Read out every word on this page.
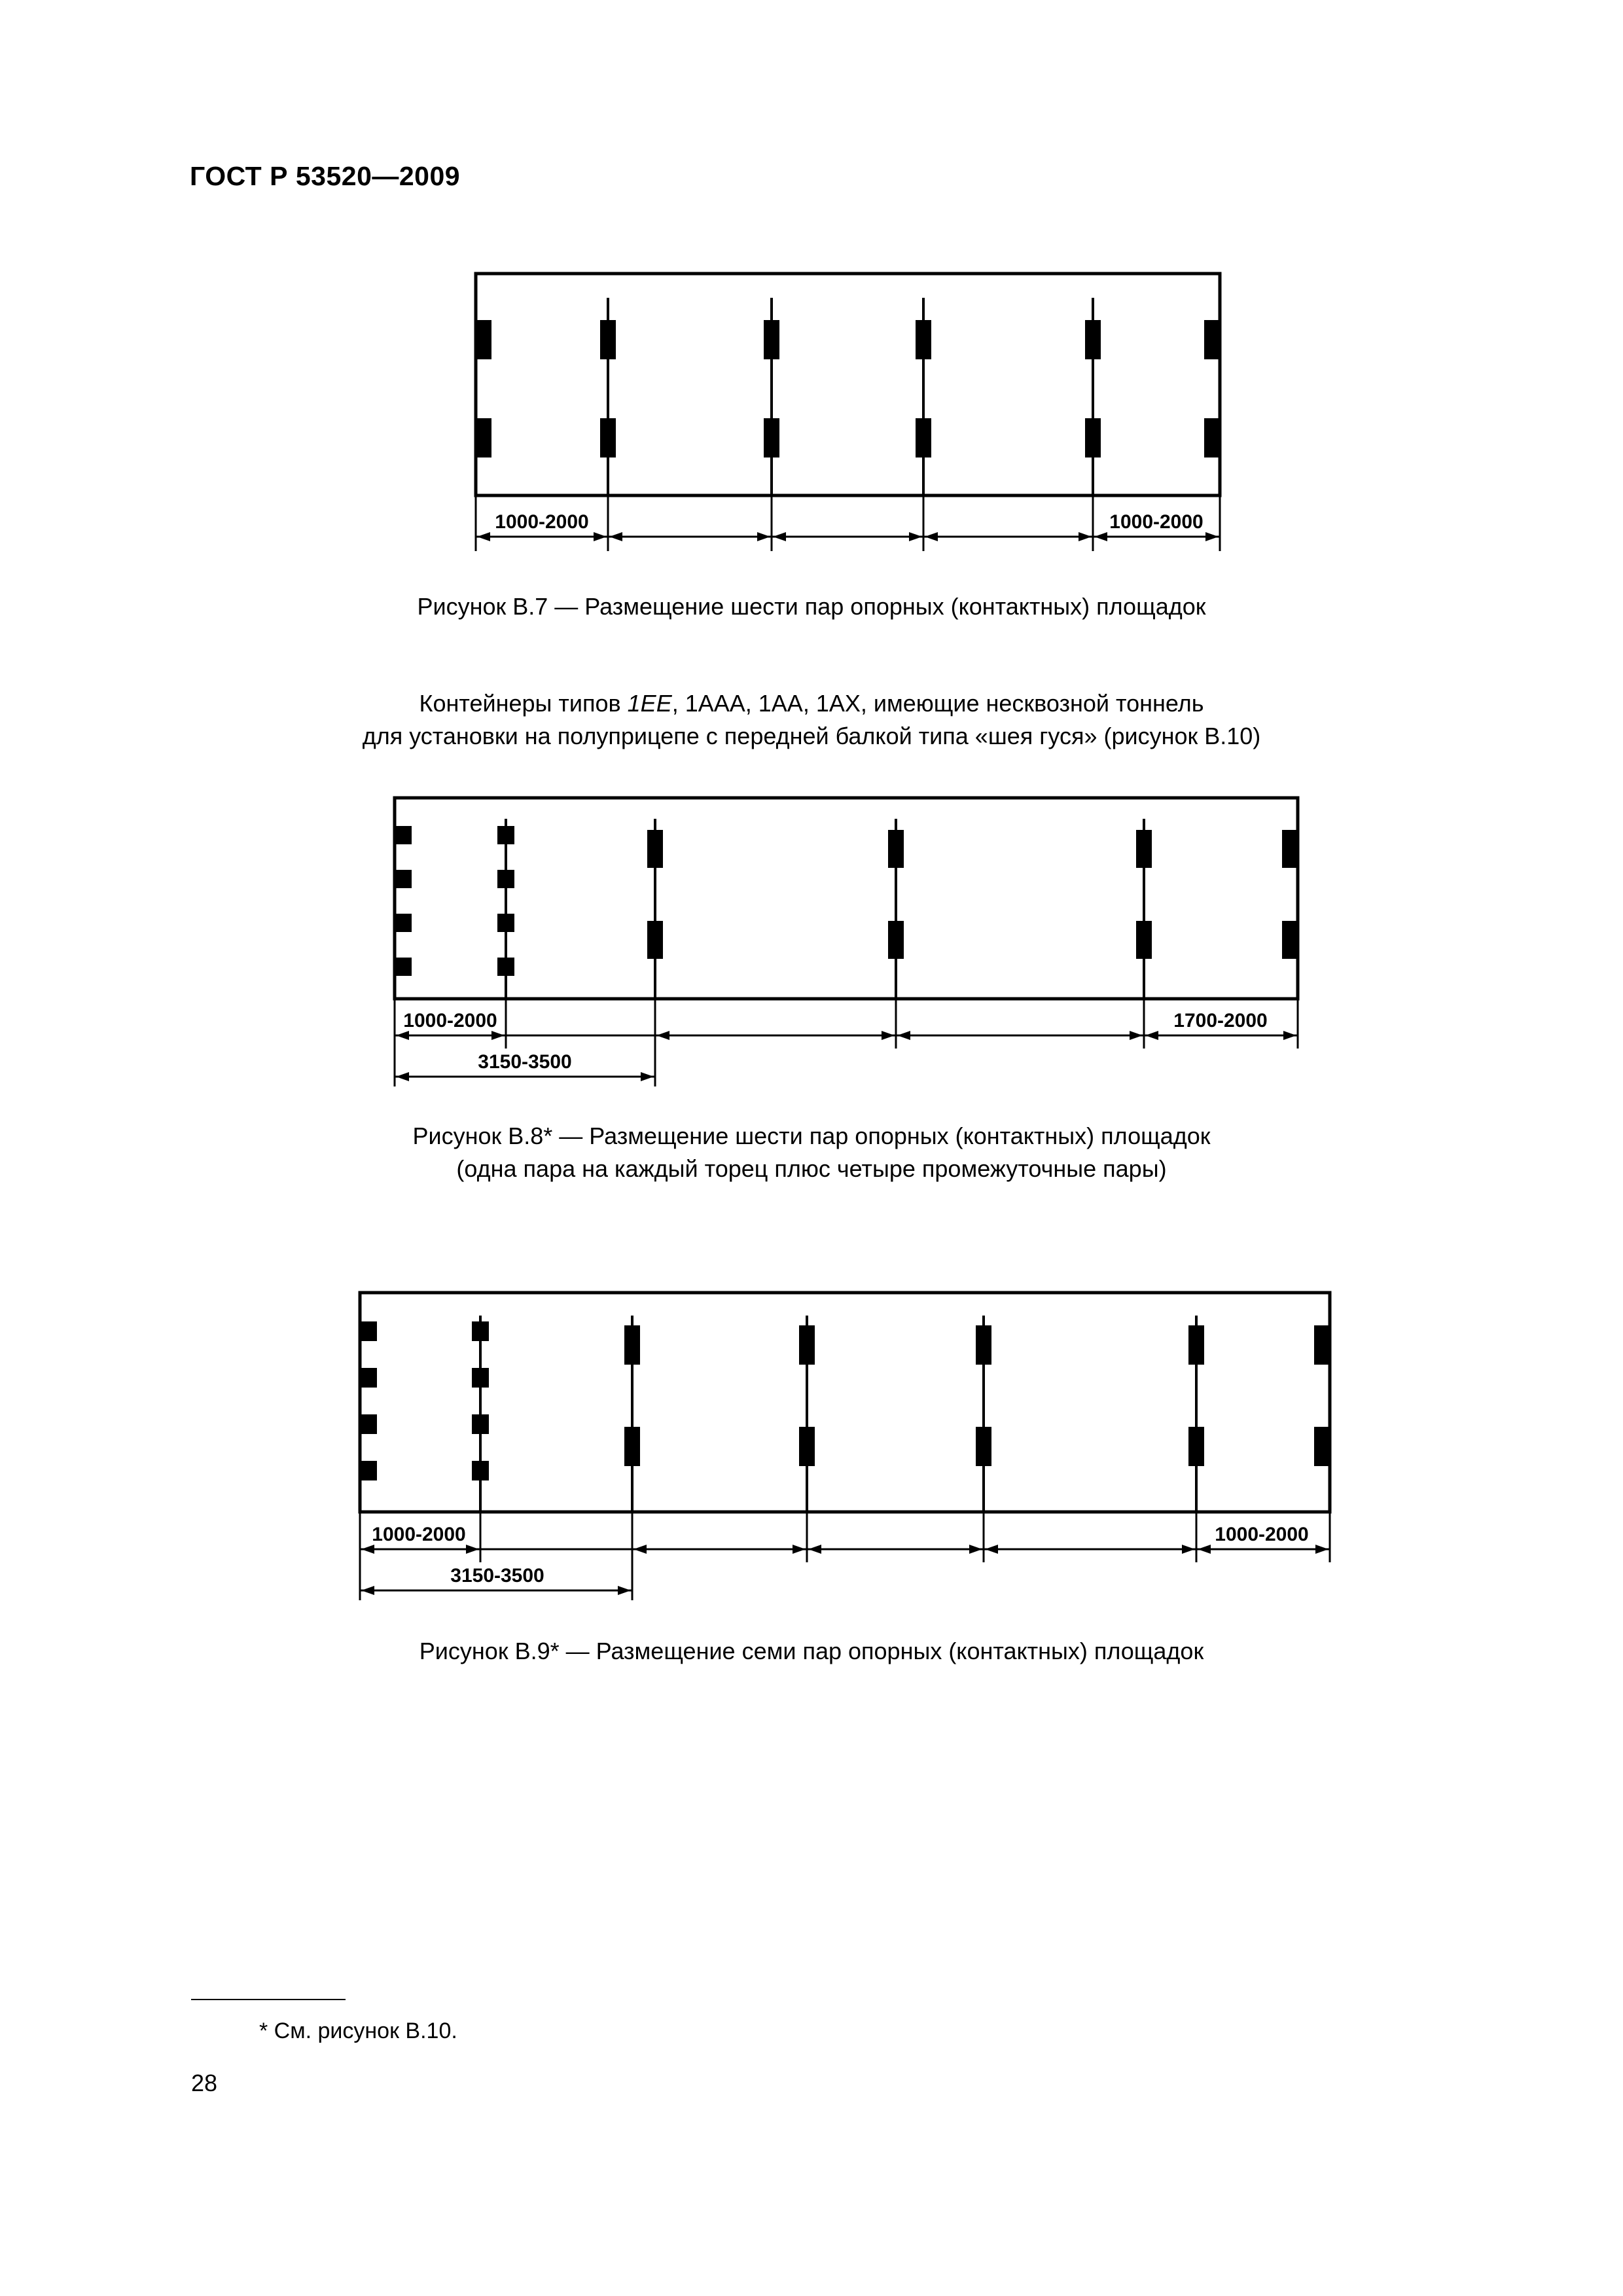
ГОСТ Р 53520—2009
1000-2000	1000-2000
Рисунок В.7 — Размещение шести пар опорных (контактных) площадок
Контейнеры типов 1EE, 1AAA, 1AA, 1AX, имеющие несквозной тоннель
для установки на полуприцепе с передней балкой типа «шея гуся» (рисунок В.10)
1000-2000	1700-2000
3150-3500
Рисунок В.8* — Размещение шести пар опорных (контактных) площадок
(одна пара на каждый торец плюс четыре промежуточные пары)
1000-2000	1000-2000
3150-3500
Рисунок В.9* — Размещение семи пар опорных (контактных) площадок
* См. рисунок В.10.
28
